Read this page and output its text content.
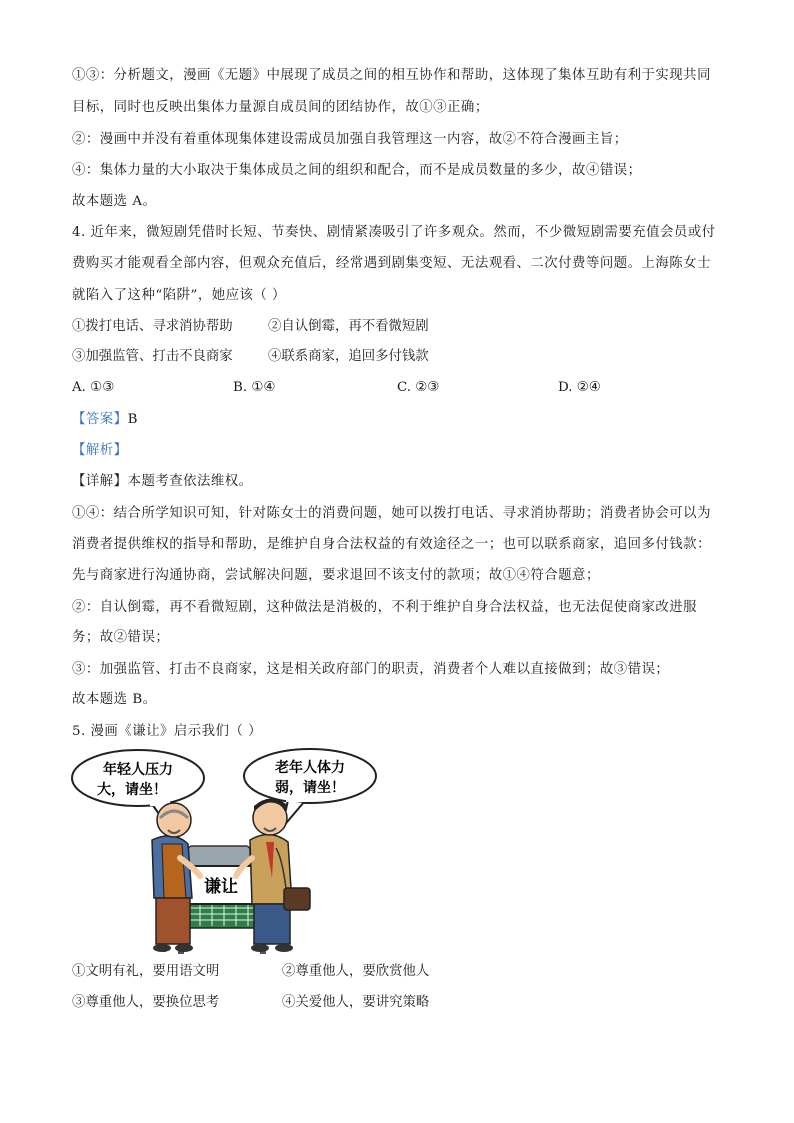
①③：分析题文，漫画《无题》中展现了成员之间的相互协作和帮助，这体现了集体互助有利于实现共同
目标，同时也反映出集体力量源自成员间的团结协作，故①③正确；
②：漫画中并没有着重体现集体建设需成员加强自我管理这一内容，故②不符合漫画主旨；
④：集体力量的大小取决于集体成员之间的组织和配合，而不是成员数量的多少，故④错误；
故本题选 A。
4. 近年来，微短剧凭借时长短、节奏快、剧情紧凑吸引了许多观众。然而，不少微短剧需要充值会员或付
费购买才能观看全部内容，但观众充值后，经常遇到剧集变短、无法观看、二次付费等问题。上海陈女士
就陷入了这种“陷阱”，她应该（ ）
①拨打电话、寻求消协帮助	②自认倒霉，再不看微短剧
③加强监管、打击不良商家	④联系商家，追回多付钱款
A. ①③	B. ①④	C. ②③	D. ②④
【答案】B
【解析】
【详解】本题考查依法维权。
①④：结合所学知识可知，针对陈女士的消费问题，她可以拨打电话、寻求消协帮助；消费者协会可以为
消费者提供维权的指导和帮助，是维护自身合法权益的有效途径之一；也可以联系商家，追回多付钱款：
先与商家进行沟通协商，尝试解决问题，要求退回不该支付的款项；故①④符合题意；
②：自认倒霉，再不看微短剧，这种做法是消极的，不利于维护自身合法权益，也无法促使商家改进服
务；故②错误；
③：加强监管、打击不良商家，这是相关政府部门的职责，消费者个人难以直接做到；故③错误；
故本题选 B。
5. 漫画《谦让》启示我们（ ）
年轻人压力
大，请坐！
老年人体力
弱，请坐！
谦让
①文明有礼，要用语文明	②尊重他人，要欣赏他人
③尊重他人，要换位思考	④关爱他人，要讲究策略
